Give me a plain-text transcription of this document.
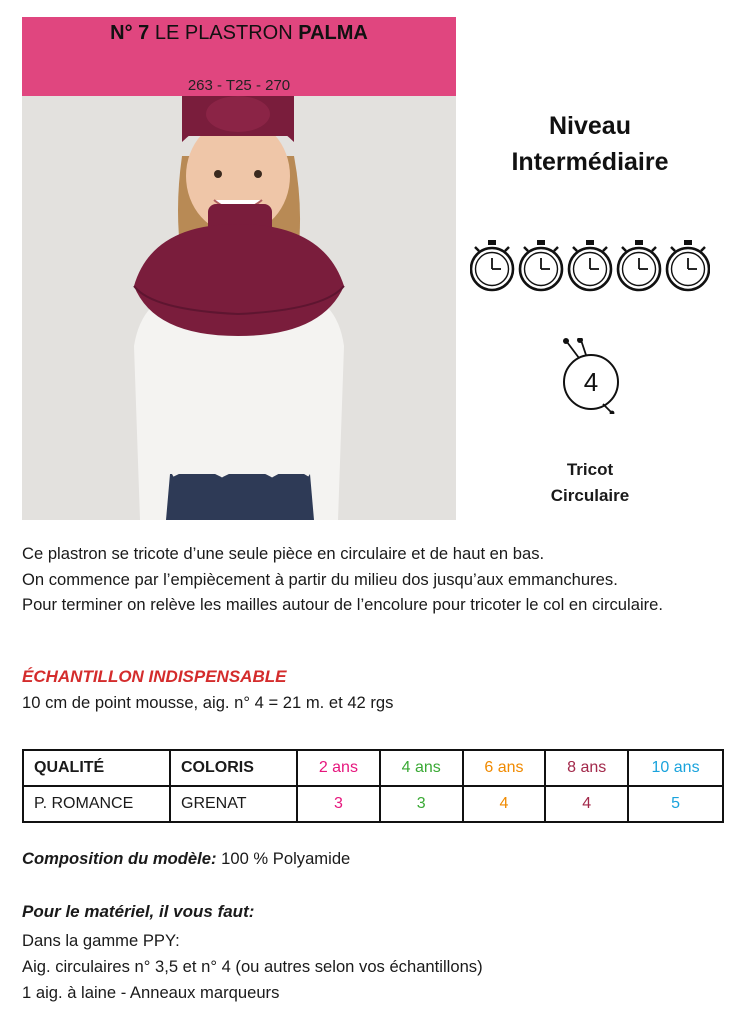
N° 7 LE PLASTRON PALMA
263 - T25 - 270
Niveau
Intermédiaire
4
Tricot
Circulaire
Ce plastron se tricote d’une seule pièce en circulaire et de haut en bas.
On commence par l’empiècement à partir du milieu dos jusqu’aux emmanchures.
Pour terminer on relève les mailles autour de l’encolure pour tricoter le col en circulaire.
ÉCHANTILLON INDISPENSABLE
10 cm de point mousse, aig. n° 4 = 21 m. et 42 rgs
QUALITÉ	COLORIS	2 ans	4 ans	6 ans	8 ans	10 ans
P. ROMANCE	GRENAT	3	3	4	4	5
Composition du modèle: 100 % Polyamide
Pour le matériel, il vous faut:
Dans la gamme PPY:
Aig. circulaires n° 3,5 et n° 4 (ou autres selon vos échantillons)
1 aig. à laine - Anneaux marqueurs
